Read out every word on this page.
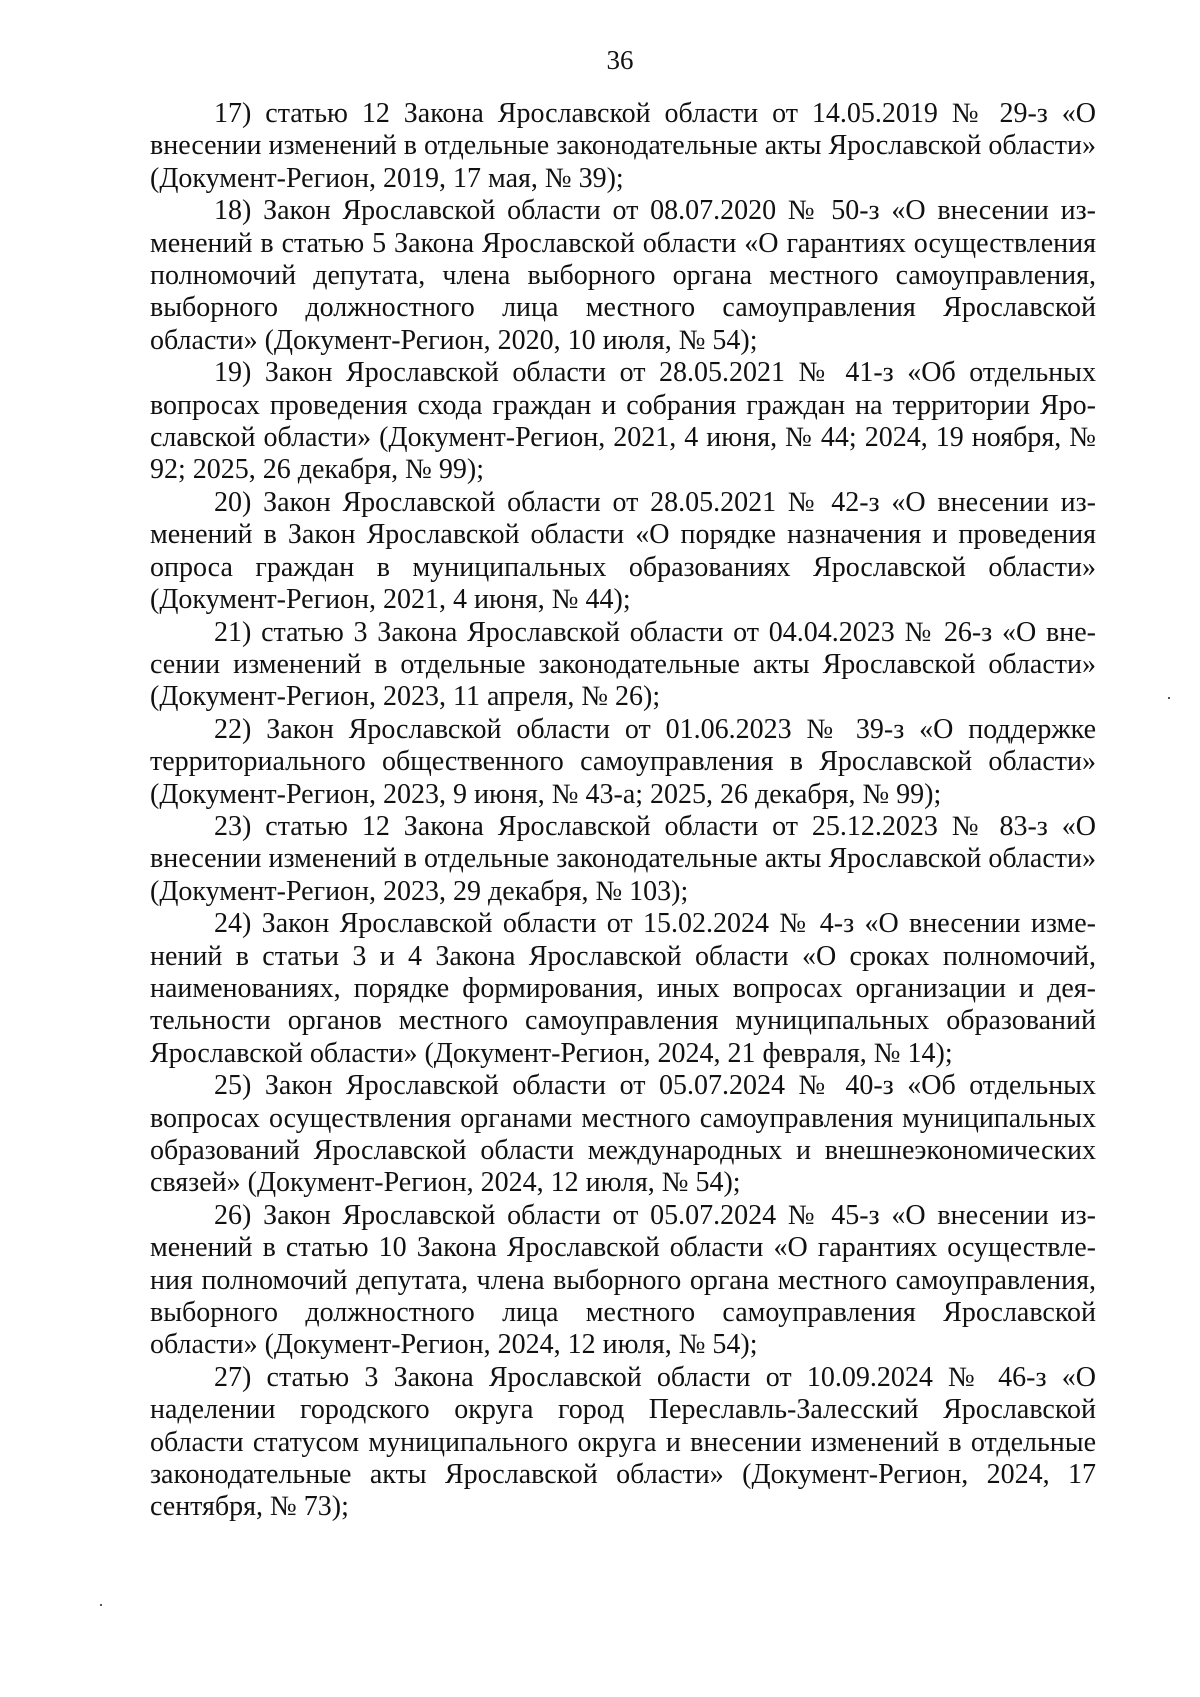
36

17) статью 12 Закона Ярославской области от 14.05.2019 № 29-з «О внесении изменений в отдельные законодательные акты Ярославской области» (Документ-Регион, 2019, 17 мая, № 39);

18) Закон Ярославской области от 08.07.2020 № 50-з «О внесении изменений в статью 5 Закона Ярославской области «О гарантиях осуществления полномочий депутата, члена выборного органа местного самоуправления, выборного должностного лица местного самоуправления Ярославской области» (Документ-Регион, 2020, 10 июля, № 54);

19) Закон Ярославской области от 28.05.2021 № 41-з «Об отдельных вопросах проведения схода граждан и собрания граждан на территории Ярославской области» (Документ-Регион, 2021, 4 июня, № 44; 2024, 19 ноября, № 92; 2025, 26 декабря, № 99);

20) Закон Ярославской области от 28.05.2021 № 42-з «О внесении изменений в Закон Ярославской области «О порядке назначения и проведения опроса граждан в муниципальных образованиях Ярославской области» (Документ-Регион, 2021, 4 июня, № 44);

21) статью 3 Закона Ярославской области от 04.04.2023 № 26-з «О внесении изменений в отдельные законодательные акты Ярославской области» (Документ-Регион, 2023, 11 апреля, № 26);

22) Закон Ярославской области от 01.06.2023 № 39-з «О поддержке территориального общественного самоуправления в Ярославской области» (Документ-Регион, 2023, 9 июня, № 43-а; 2025, 26 декабря, № 99);

23) статью 12 Закона Ярославской области от 25.12.2023 № 83-з «О внесении изменений в отдельные законодательные акты Ярославской области» (Документ-Регион, 2023, 29 декабря, № 103);

24) Закон Ярославской области от 15.02.2024 № 4-з «О внесении изменений в статьи 3 и 4 Закона Ярославской области «О сроках полномочий, наименованиях, порядке формирования, иных вопросах организации и деятельности органов местного самоуправления муниципальных образований Ярославской области» (Документ-Регион, 2024, 21 февраля, № 14);

25) Закон Ярославской области от 05.07.2024 № 40-з «Об отдельных вопросах осуществления органами местного самоуправления муниципальных образований Ярославской области международных и внешнеэкономических связей» (Документ-Регион, 2024, 12 июля, № 54);

26) Закон Ярославской области от 05.07.2024 № 45-з «О внесении изменений в статью 10 Закона Ярославской области «О гарантиях осуществления полномочий депутата, члена выборного органа местного самоуправления, выборного должностного лица местного самоуправления Ярославской области» (Документ-Регион, 2024, 12 июля, № 54);

27) статью 3 Закона Ярославской области от 10.09.2024 № 46-з «О наделении городского округа город Переславль-Залесский Ярославской области статусом муниципального округа и внесении изменений в отдельные законодательные акты Ярославской области» (Документ-Регион, 2024, 17 сентября, № 73);
